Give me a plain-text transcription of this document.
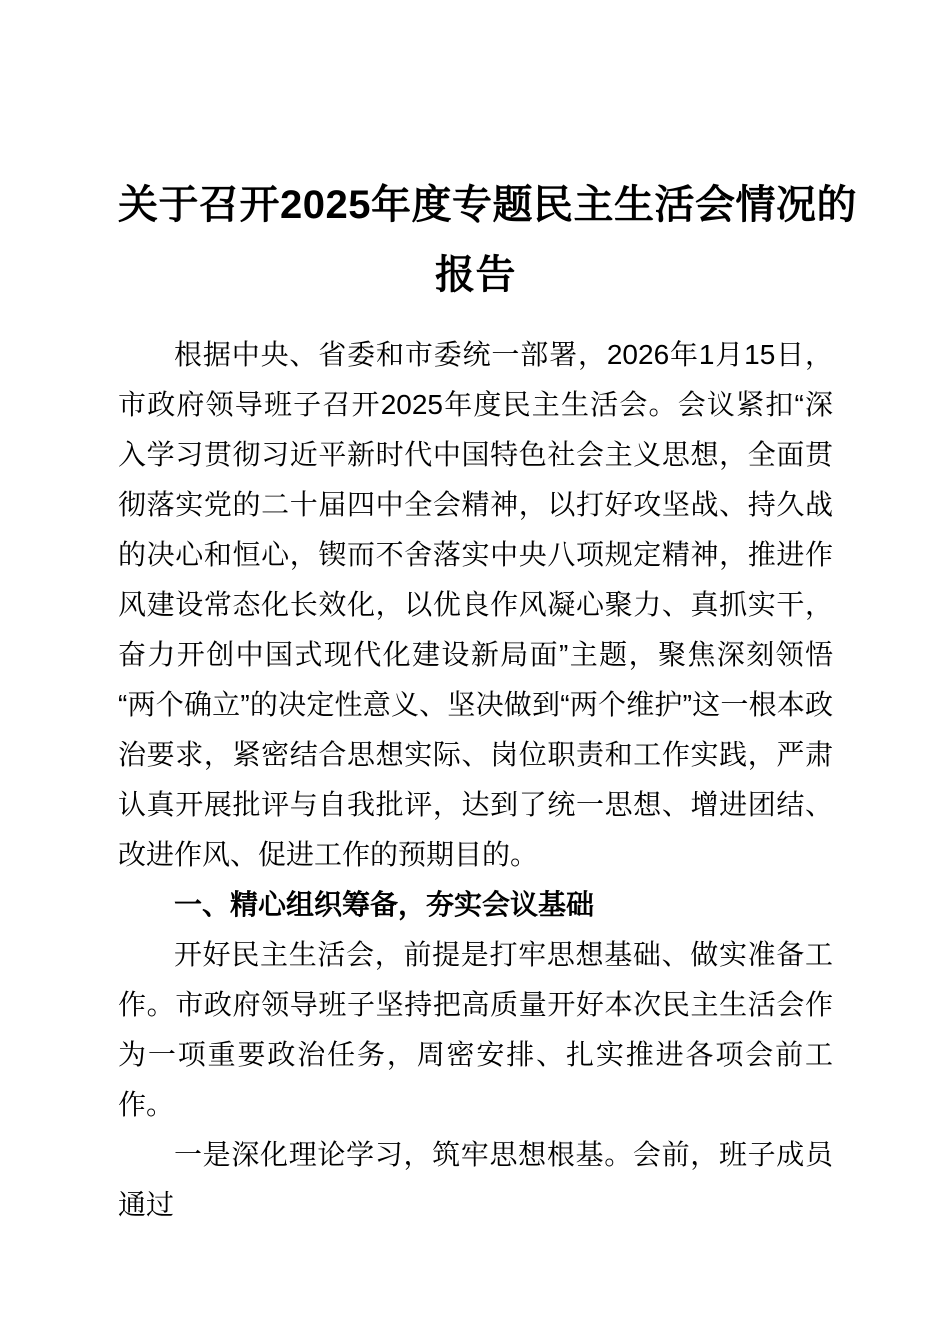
关于召开2025年度专题民主生活会情况的
报告

根据中央、省委和市委统一部署，2026年1月15日，市政府领导班子召开2025年度民主生活会。会议紧扣“深入学习贯彻习近平新时代中国特色社会主义思想，全面贯彻落实党的二十届四中全会精神，以打好攻坚战、持久战的决心和恒心，锲而不舍落实中央八项规定精神，推进作风建设常态化长效化，以优良作风凝心聚力、真抓实干，奋力开创中国式现代化建设新局面”主题，聚焦深刻领悟“两个确立”的决定性意义、坚决做到“两个维护”这一根本政治要求，紧密结合思想实际、岗位职责和工作实践，严肃认真开展批评与自我批评，达到了统一思想、增进团结、改进作风、促进工作的预期目的。

一、精心组织筹备，夯实会议基础

开好民主生活会，前提是打牢思想基础、做实准备工作。市政府领导班子坚持把高质量开好本次民主生活会作为一项重要政治任务，周密安排、扎实推进各项会前工作。

一是深化理论学习，筑牢思想根基。会前，班子成员通过
